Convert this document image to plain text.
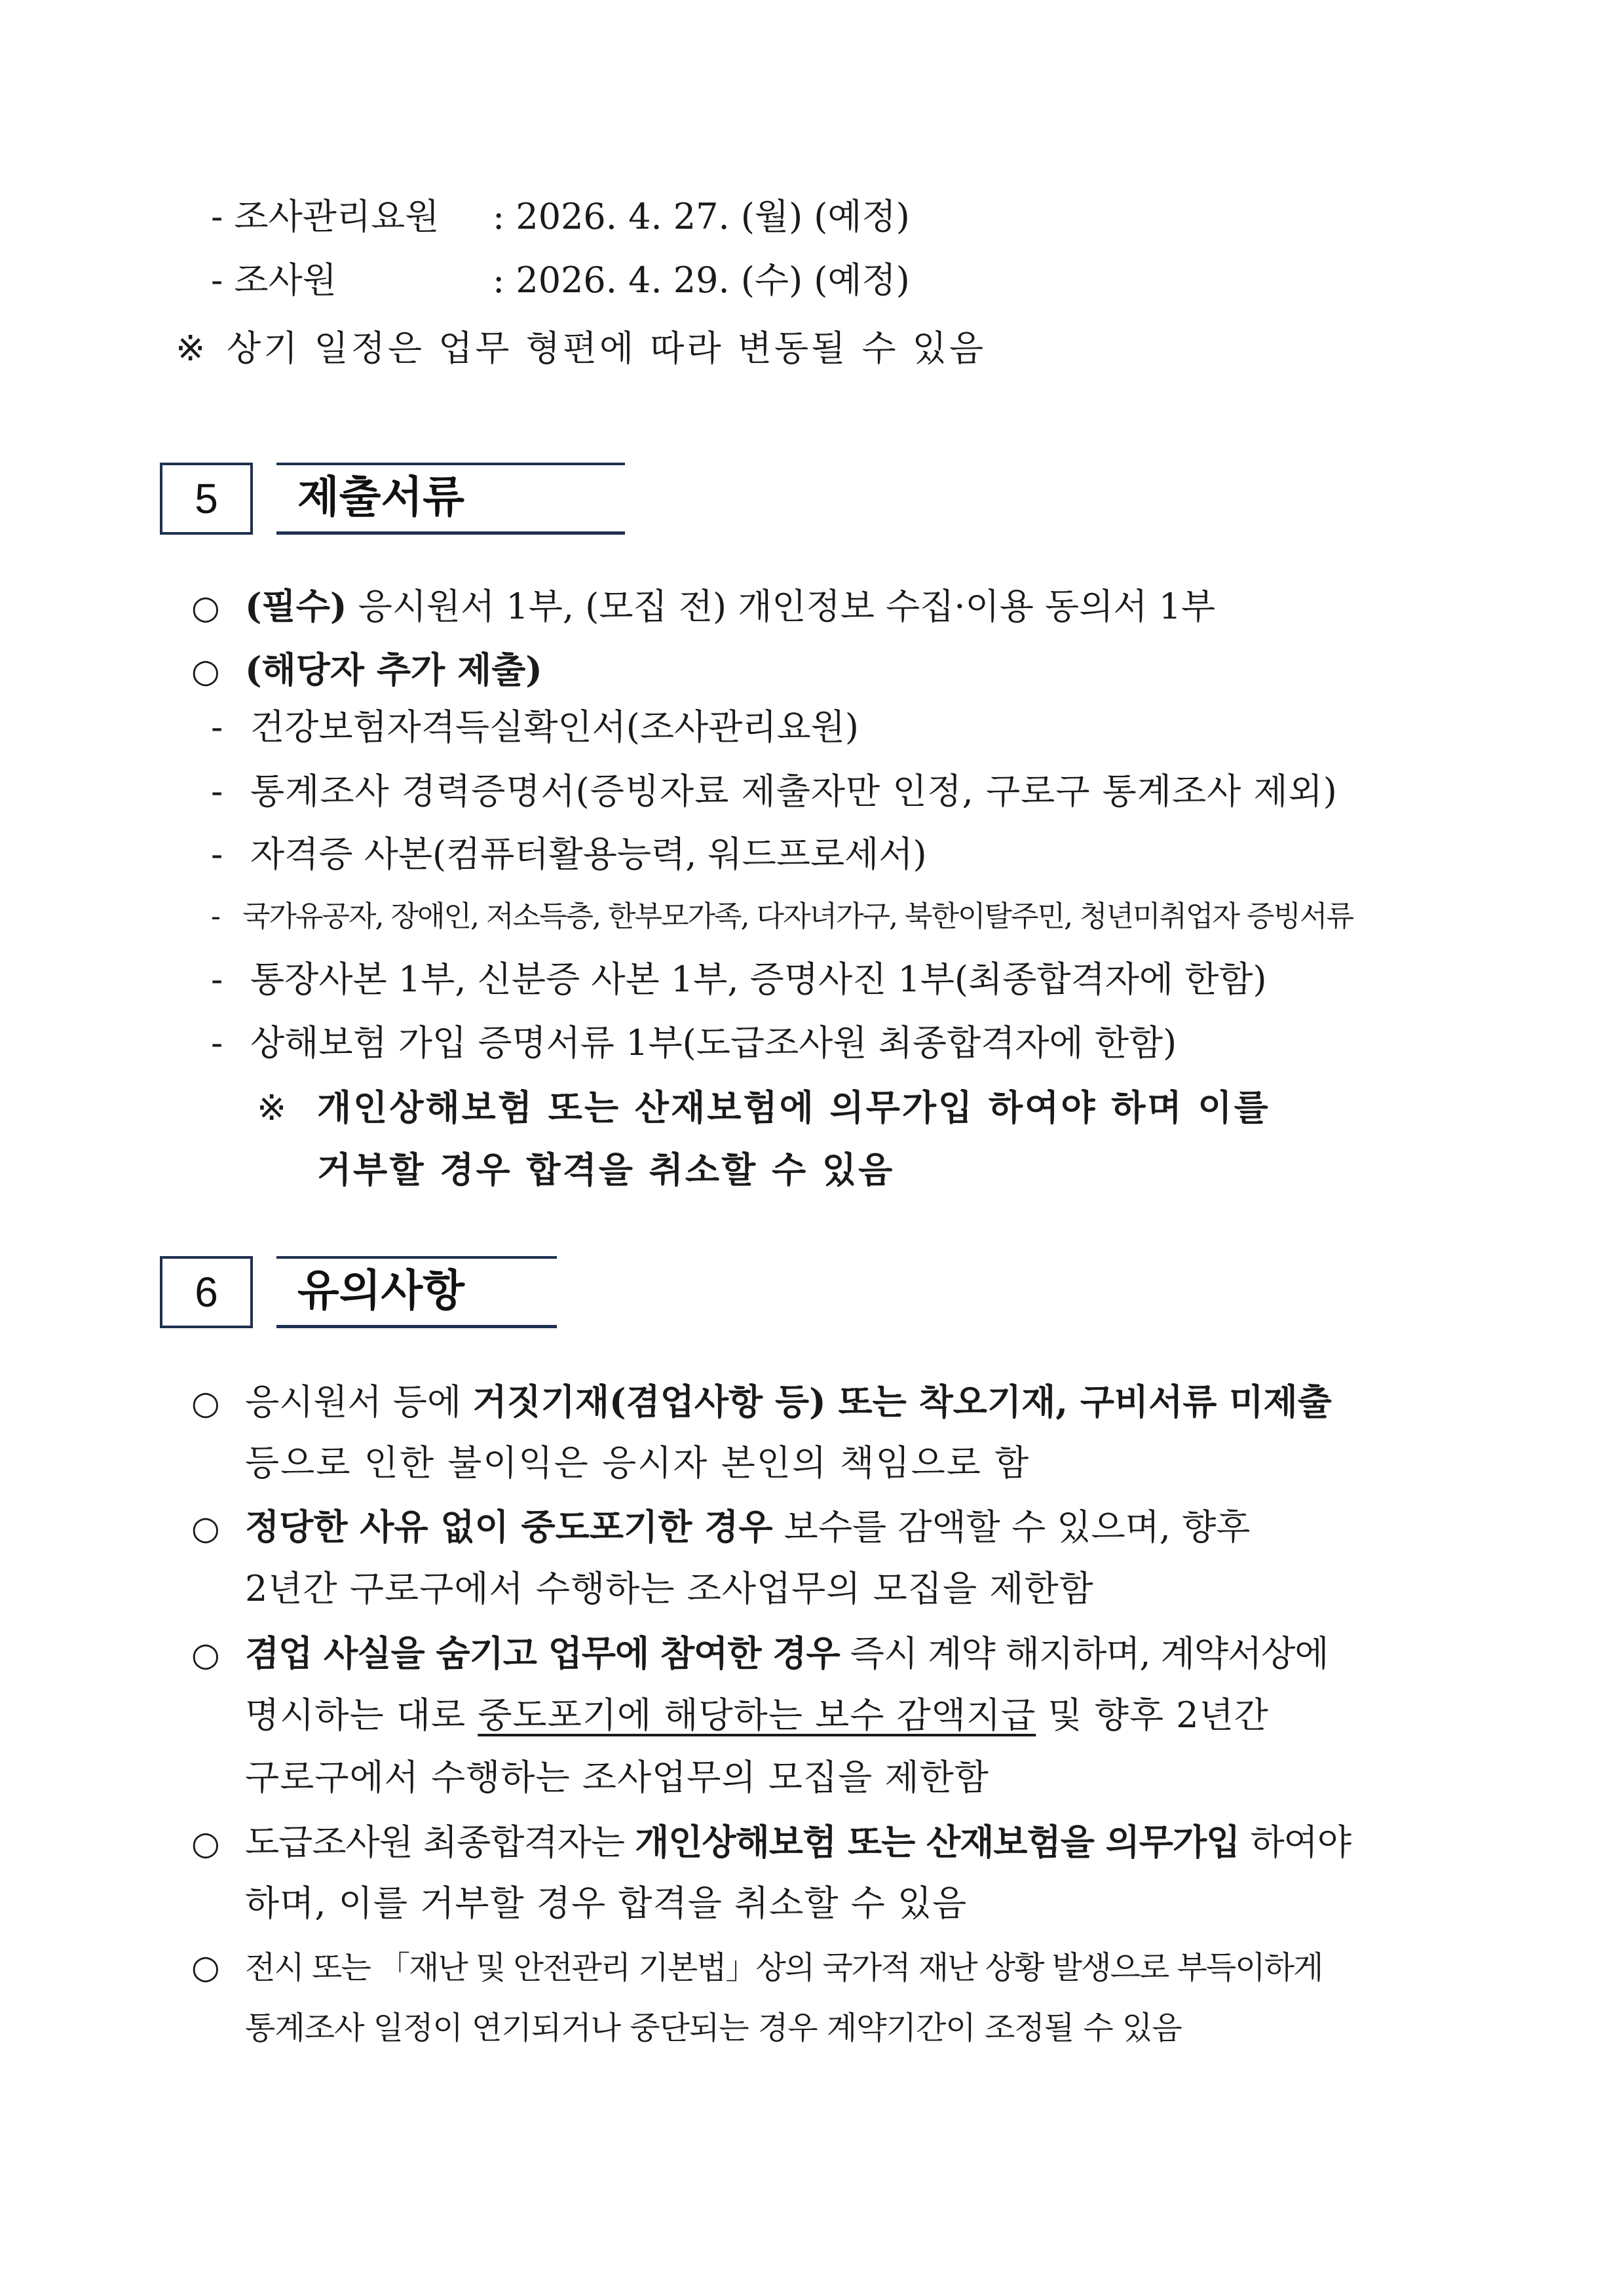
- 조사관리요원 : 2026. 4. 27. (월) (예정)
- 조사원	: 2026. 4. 29. (수) (예정)
※ 상기 일정은 업무 형편에 따라 변동될 수 있음
5	제출서류
○ (필수) 응시원서 1부, (모집 전) 개인정보 수집·이용 동의서 1부
○ (해당자 추가 제출)
- 건강보험자격득실확인서(조사관리요원)
- 통계조사 경력증명서(증빙자료 제출자만 인정, 구로구 통계조사 제외)
- 자격증 사본(컴퓨터활용능력, 워드프로세서)
- 국가유공자, 장애인, 저소득층, 한부모가족, 다자녀가구, 북한이탈주민, 청년미취업자 증빙서류
- 통장사본 1부, 신분증 사본 1부, 증명사진 1부(최종합격자에 한함)
- 상해보험 가입 증명서류 1부(도급조사원 최종합격자에 한함)
※ 개인상해보험 또는 산재보험에 의무가입 하여야 하며 이를
거부할 경우 합격을 취소할 수 있음
6	유의사항
○ 응시원서 등에 거짓기재(겸업사항 등) 또는 착오기재, 구비서류 미제출
등으로 인한 불이익은 응시자 본인의 책임으로 함
○ 정당한 사유 없이 중도포기한 경우 보수를 감액할 수 있으며, 향후
2년간 구로구에서 수행하는 조사업무의 모집을 제한함
○ 겸업 사실을 숨기고 업무에 참여한 경우 즉시 계약 해지하며, 계약서상에
명시하는 대로 중도포기에 해당하는 보수 감액지급 및 향후 2년간
구로구에서 수행하는 조사업무의 모집을 제한함
○ 도급조사원 최종합격자는 개인상해보험 또는 산재보험을 의무가입 하여야
하며, 이를 거부할 경우 합격을 취소할 수 있음
○ 전시 또는 「재난 및 안전관리 기본법」상의 국가적 재난 상황 발생으로 부득이하게
통계조사 일정이 연기되거나 중단되는 경우 계약기간이 조정될 수 있음
